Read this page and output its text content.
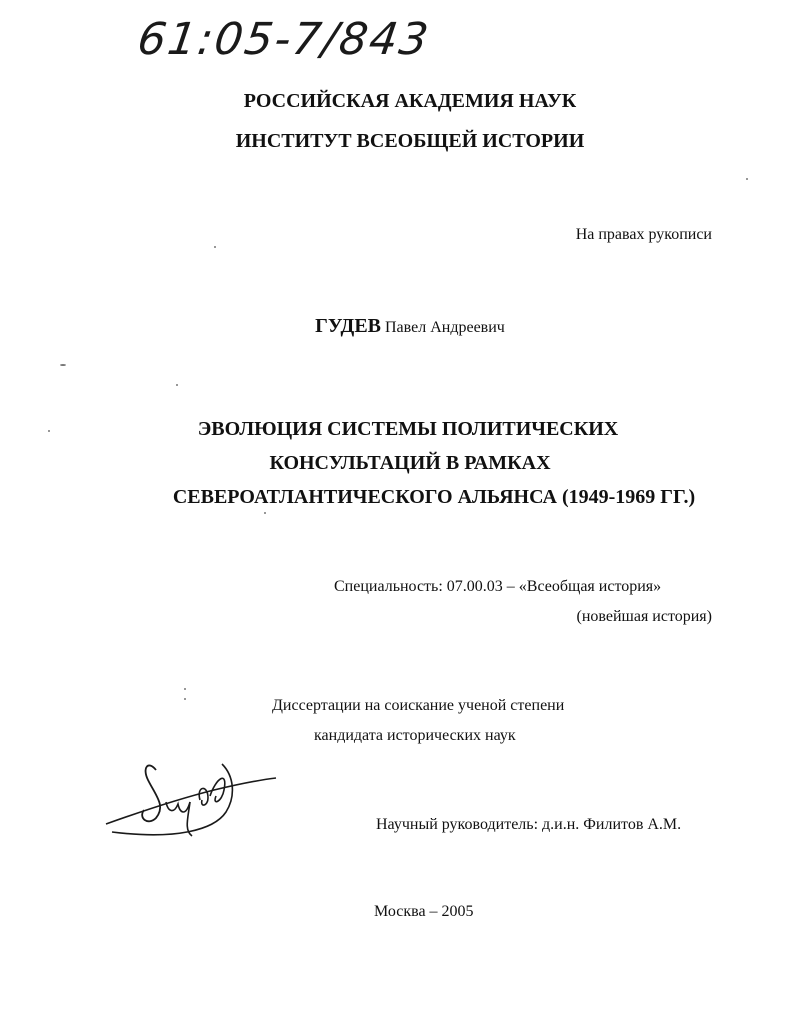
61:05-7/843
РОССИЙСКАЯ АКАДЕМИЯ НАУК
ИНСТИТУТ ВСЕОБЩЕЙ ИСТОРИИ
На правах рукописи
ГУДЕВ Павел Андреевич
ЭВОЛЮЦИЯ СИСТЕМЫ ПОЛИТИЧЕСКИХ
КОНСУЛЬТАЦИЙ В РАМКАХ
СЕВЕРОАТЛАНТИЧЕСКОГО АЛЬЯНСА (1949-1969 ГГ.)
Специальность: 07.00.03 – «Всеобщая история»
(новейшая история)
Диссертации на соискание ученой степени
кандидата исторических наук
Научный руководитель: д.и.н. Филитов А.М.
Москва – 2005
